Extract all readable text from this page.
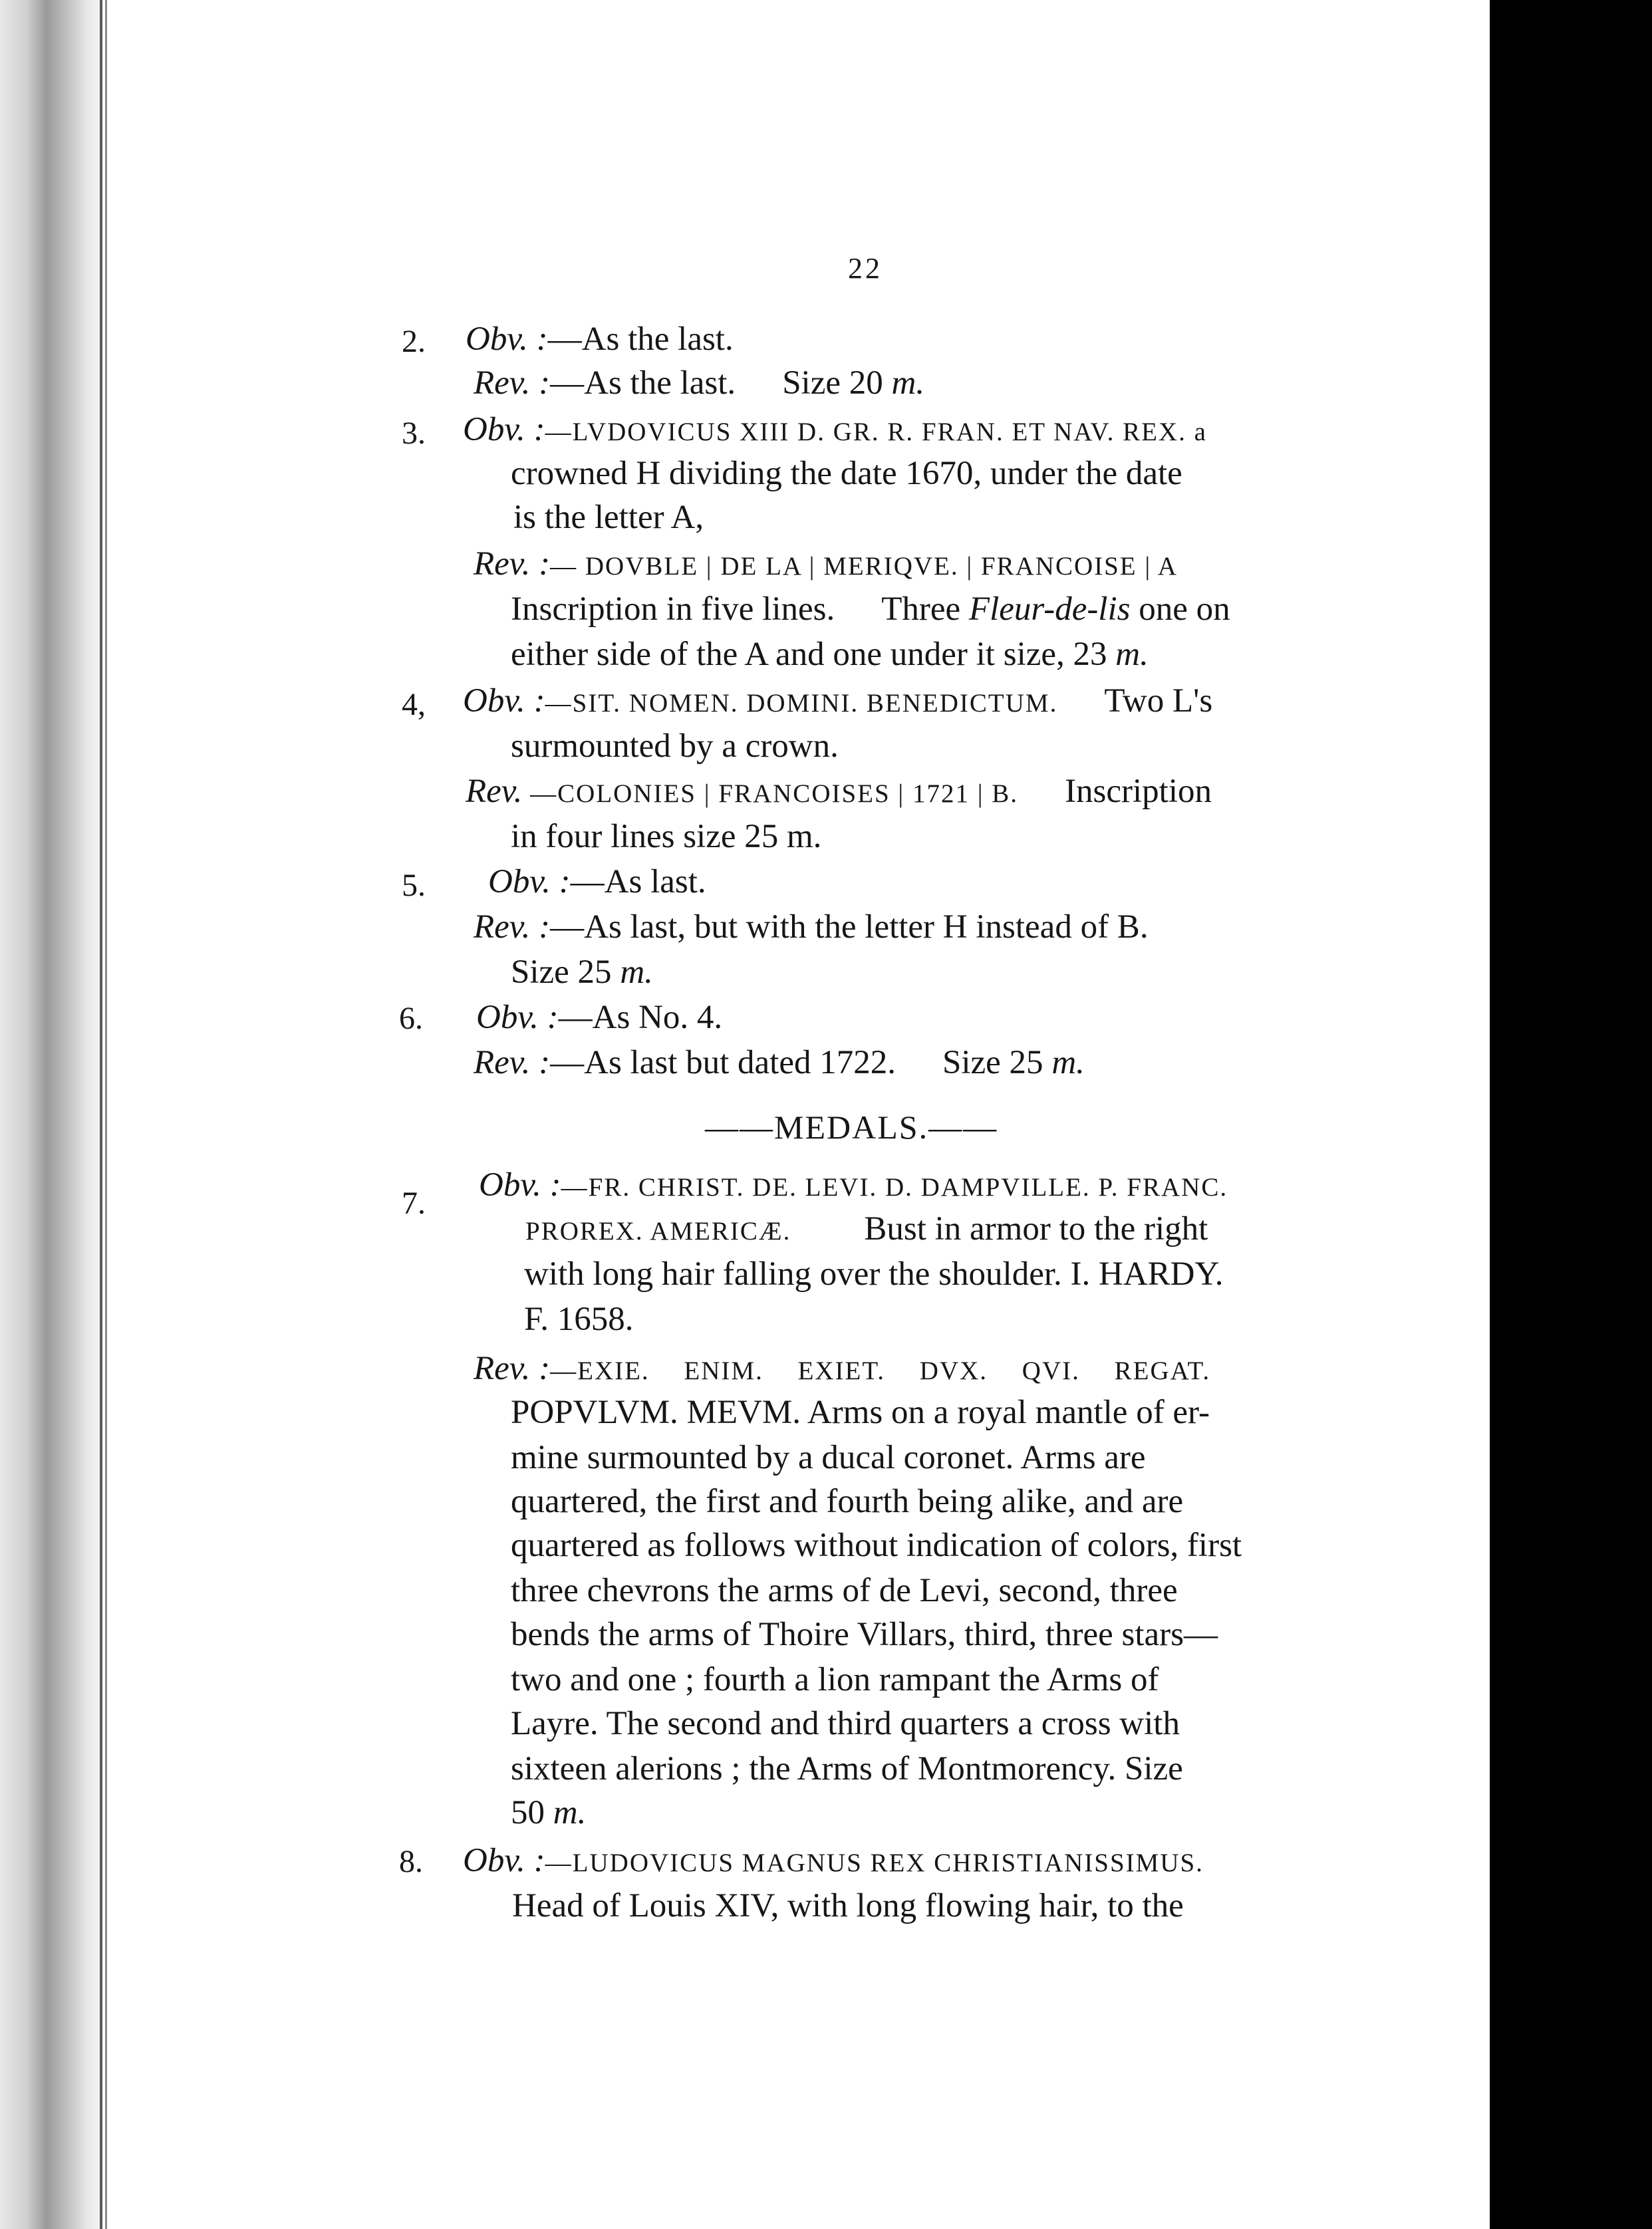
22
2. Obv. :—As the last.
Rev. :—As the last. Size 20 m.
3. Obv. :—LVDOVICUS XIII D. GR. R. FRAN. ET NAV. REX. a
crowned H dividing the date 1670, under the date
is the letter A,
Rev. :— DOVBLE | DE LA | MERIQVE. | FRANCOISE | A
Inscription in five lines. Three Fleur-de-lis one on
either side of the A and one under it size, 23 m.
4, Obv. :—SIT. NOMEN. DOMINI. BENEDICTUM. Two L's
surmounted by a crown.
Rev. —COLONIES | FRANCOISES | 1721 | B. Inscription
in four lines size 25 m.
5. Obv. :—As last.
Rev. :—As last, but with the letter H instead of B.
Size 25 m.
6. Obv. :—As No. 4.
Rev. :—As last but dated 1722. Size 25 m.
——MEDALS.——
7. Obv. :—FR. CHRIST. DE. LEVI. D. DAMPVILLE. P. FRANC.
PROREX. AMERICÆ. Bust in armor to the right
with long hair falling over the shoulder. I. HARDY.
F. 1658.
Rev. :—EXIE. ENIM. EXIET. DVX. QVI. REGAT.
POPVLVM. MEVM. Arms on a royal mantle of er-
mine surmounted by a ducal coronet. Arms are
quartered, the first and fourth being alike, and are
quartered as follows without indication of colors, first
three chevrons the arms of de Levi, second, three
bends the arms of Thoire Villars, third, three stars—
two and one ; fourth a lion rampant the Arms of
Layre. The second and third quarters a cross with
sixteen alerions ; the Arms of Montmorency. Size
50 m.
8. Obv. :—LUDOVICUS MAGNUS REX CHRISTIANISSIMUS.
Head of Louis XIV, with long flowing hair, to the
